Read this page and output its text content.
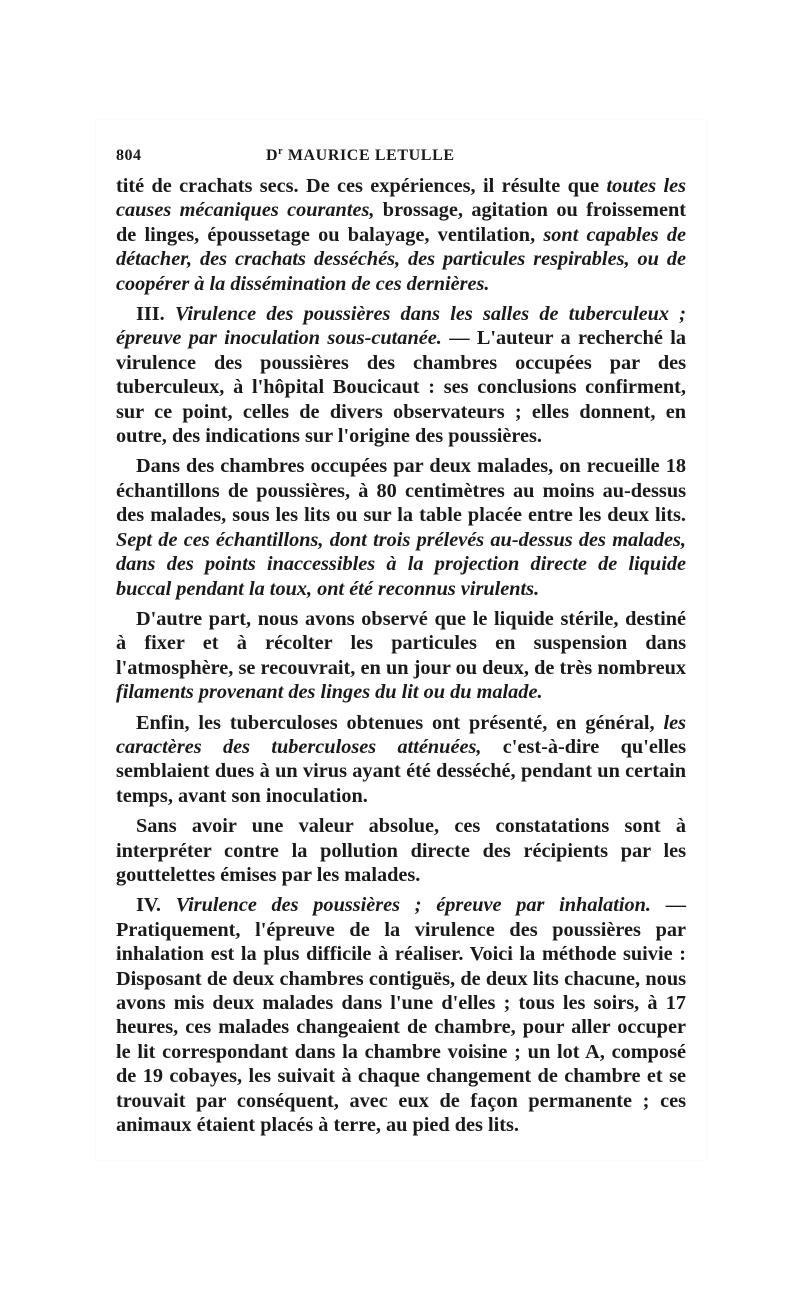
804	$D^r$ MAURICE LETULLE

tité de crachats secs. De ces expériences, il résulte que toutes les causes mécaniques courantes, brossage, agitation ou froissement de linges, époussetage ou balayage, ventilation, sont capables de détacher, des crachats desséchés, des particules respirables, ou de coopérer à la dissémination de ces dernières.

III. Virulence des poussières dans les salles de tuberculeux ; épreuve par inoculation sous-cutanée. — L'auteur a recherché la virulence des poussières des chambres occupées par des tuberculeux, à l'hôpital Boucicaut : ses conclusions confirment, sur ce point, celles de divers observateurs ; elles donnent, en outre, des indications sur l'origine des poussières.

Dans des chambres occupées par deux malades, on recueille 18 échantillons de poussières, à 80 centimètres au moins au-dessus des malades, sous les lits ou sur la table placée entre les deux lits. Sept de ces échantillons, dont trois prélevés au-dessus des malades, dans des points inaccessibles à la projection directe de liquide buccal pendant la toux, ont été reconnus virulents.

D'autre part, nous avons observé que le liquide stérile, destiné à fixer et à récolter les particules en suspension dans l'atmosphère, se recouvrait, en un jour ou deux, de très nombreux filaments provenant des linges du lit ou du malade.

Enfin, les tuberculoses obtenues ont présenté, en général, les caractères des tuberculoses atténuées, c'est-à-dire qu'elles semblaient dues à un virus ayant été desséché, pendant un certain temps, avant son inoculation.

Sans avoir une valeur absolue, ces constatations sont à interpréter contre la pollution directe des récipients par les gouttelettes émises par les malades.

IV. Virulence des poussières ; épreuve par inhalation. — Pratiquement, l'épreuve de la virulence des poussières par inhalation est la plus difficile à réaliser. Voici la méthode suivie : Disposant de deux chambres contiguës, de deux lits chacune, nous avons mis deux malades dans l'une d'elles ; tous les soirs, à 17 heures, ces malades changeaient de chambre, pour aller occuper le lit correspondant dans la chambre voisine ; un lot A, composé de 19 cobayes, les suivait à chaque changement de chambre et se trouvait par conséquent, avec eux de façon permanente ; ces animaux étaient placés à terre, au pied des lits.
